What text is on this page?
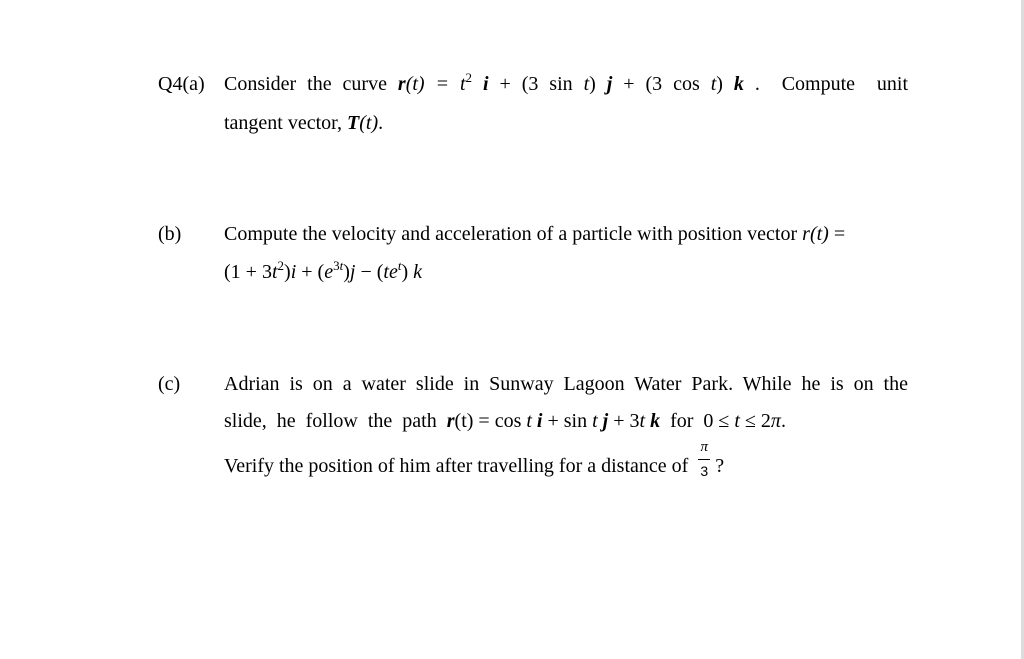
Q4(a) Consider the curve $r(t) = t^2$ i + (3 sin t) j + (3 cos t) k .  Compute  unit
tangent vector, T(t).
(b) Compute the velocity and acceleration of a particle with position vector r(t) =
$(1 + 3t^2)i + (e^{3t})j - (te^t)$ k
(c) Adrian is on a water slide in Sunway Lagoon Water Park. While he is on the
slide,  he  follow  the  path  r(t) = cos t i + sin t j + 3t k  for  0 ≤ t ≤ 2π.
Verify the position of him after travelling for a distance of $\frac{\pi}{3}$ ?
